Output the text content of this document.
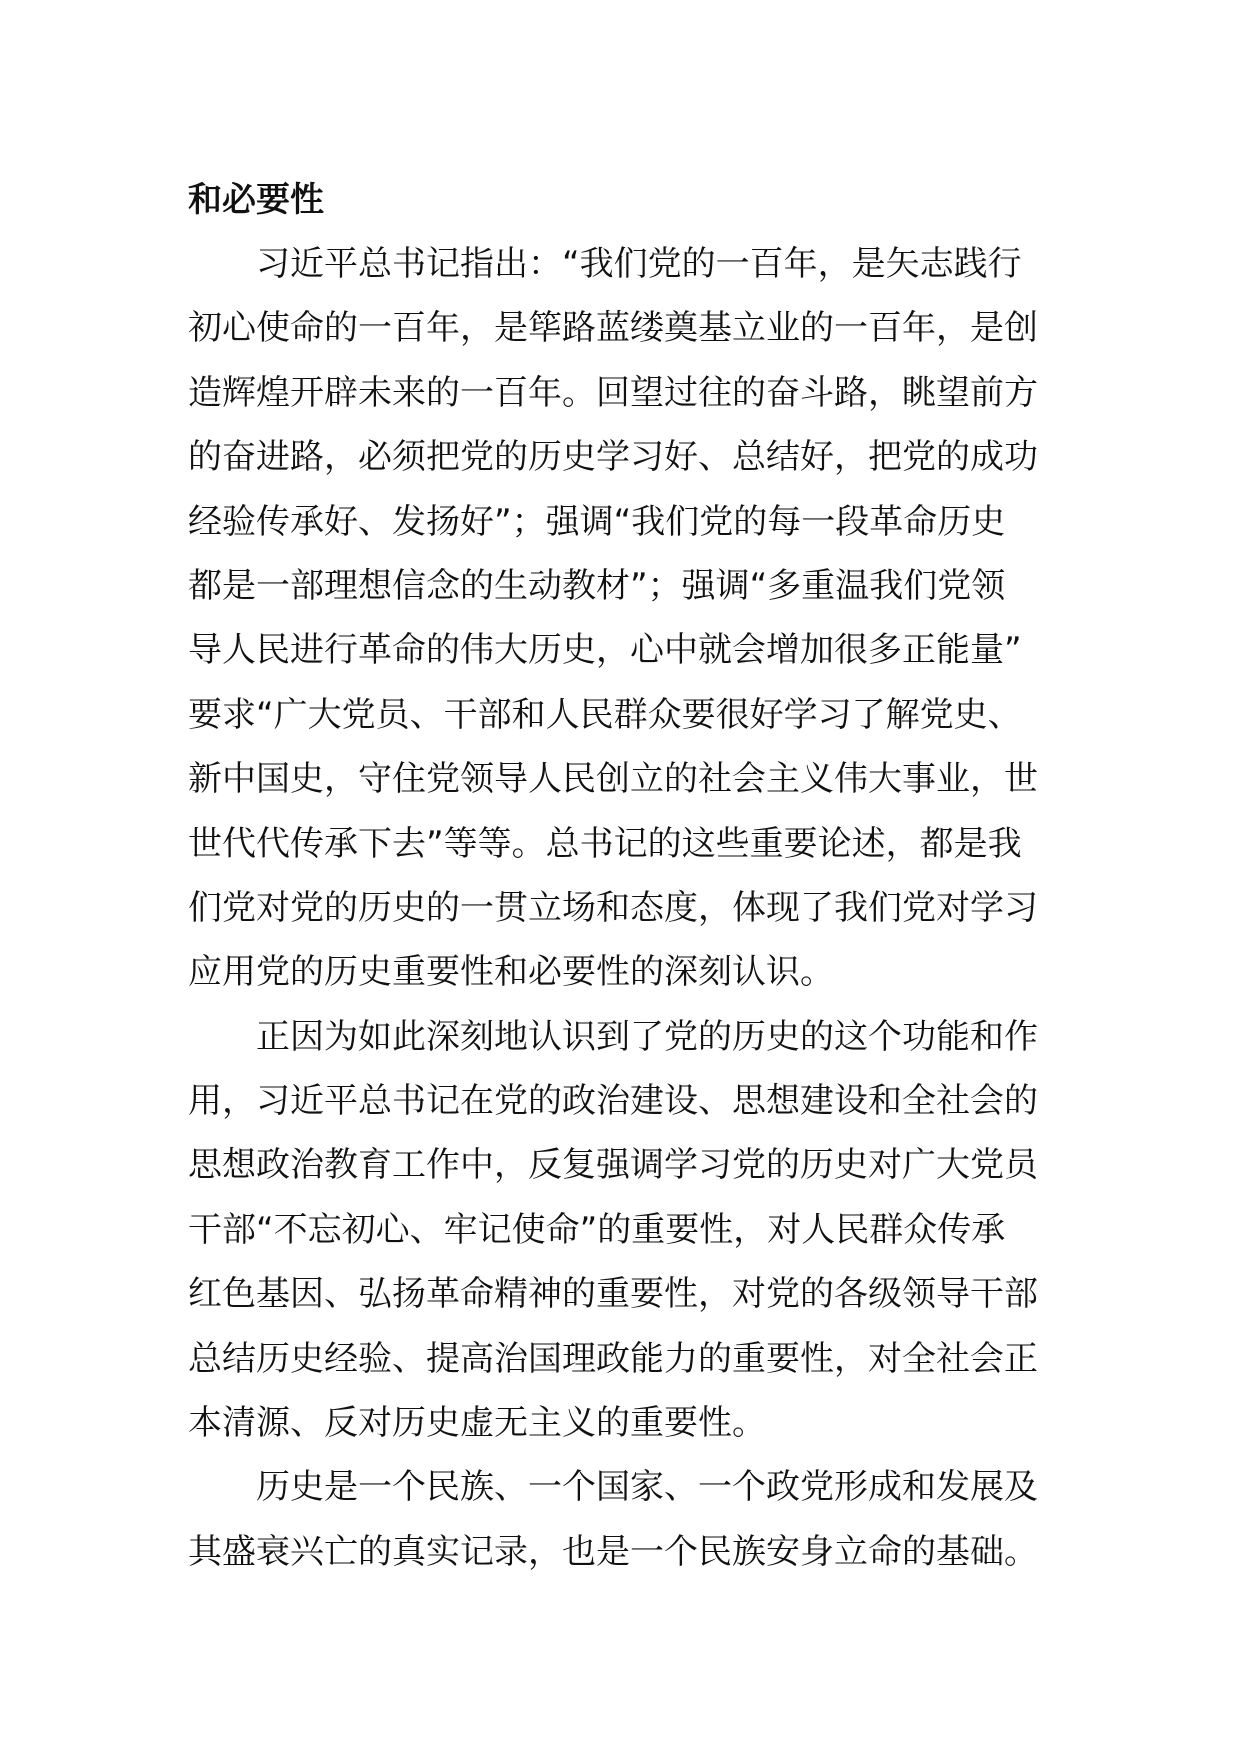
和必要性
习近平总书记指出：“我们党的一百年，是矢志践行
初心使命的一百年，是筚路蓝缕奠基立业的一百年，是创
造辉煌开辟未来的一百年。回望过往的奋斗路，眺望前方
的奋进路，必须把党的历史学习好、总结好，把党的成功
经验传承好、发扬好”；强调“我们党的每一段革命历史
都是一部理想信念的生动教材”；强调“多重温我们党领
导人民进行革命的伟大历史，心中就会增加很多正能量”
要求“广大党员、干部和人民群众要很好学习了解党史、
新中国史，守住党领导人民创立的社会主义伟大事业，世
世代代传承下去”等等。总书记的这些重要论述，都是我
们党对党的历史的一贯立场和态度，体现了我们党对学习
应用党的历史重要性和必要性的深刻认识。
正因为如此深刻地认识到了党的历史的这个功能和作
用，习近平总书记在党的政治建设、思想建设和全社会的
思想政治教育工作中，反复强调学习党的历史对广大党员
干部“不忘初心、牢记使命”的重要性，对人民群众传承
红色基因、弘扬革命精神的重要性，对党的各级领导干部
总结历史经验、提高治国理政能力的重要性，对全社会正
本清源、反对历史虚无主义的重要性。
历史是一个民族、一个国家、一个政党形成和发展及
其盛衰兴亡的真实记录，也是一个民族安身立命的基础。
